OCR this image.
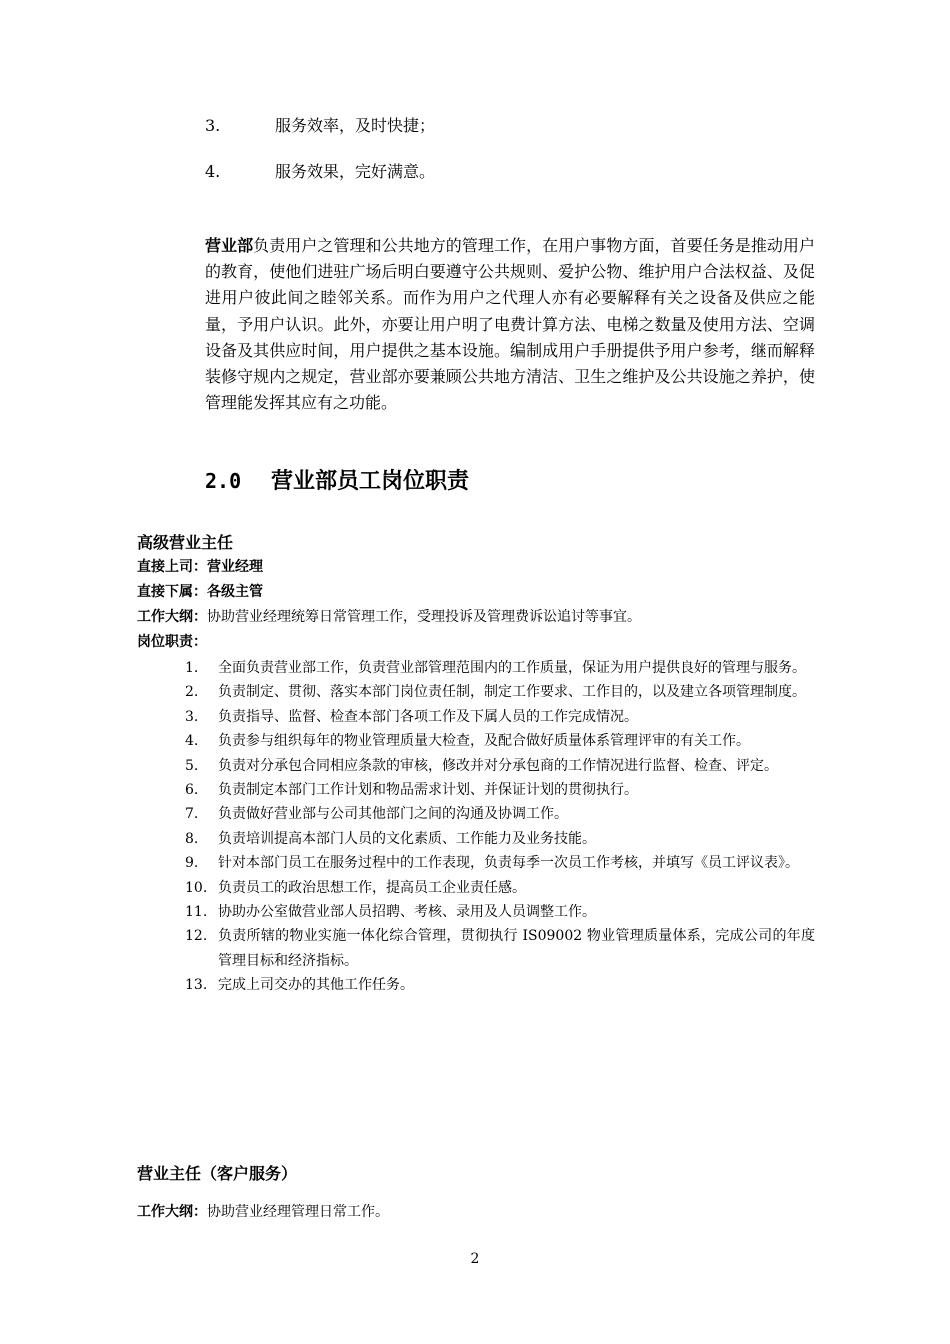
3.	服务效率，及时快捷；
4.	服务效果，完好满意。
营业部负责用户之管理和公共地方的管理工作，在用户事物方面，首要任务是推动用户的教育，使他们进驻广场后明白要遵守公共规则、爱护公物、维护用户合法权益、及促进用户彼此间之睦邻关系。而作为用户之代理人亦有必要解释有关之设备及供应之能量，予用户认识。此外，亦要让用户明了电费计算方法、电梯之数量及使用方法、空调设备及其供应时间，用户提供之基本设施。编制成用户手册提供予用户参考，继而解释装修守规内之规定，营业部亦要兼顾公共地方清洁、卫生之维护及公共设施之养护，使管理能发挥其应有之功能。
2.0 营业部员工岗位职责
高级营业主任
直接上司：营业经理
直接下属：各级主管
工作大纲：协助营业经理统筹日常管理工作，受理投诉及管理费诉讼追讨等事宜。
岗位职责：
1. 全面负责营业部工作，负责营业部管理范围内的工作质量，保证为用户提供良好的管理与服务。
2. 负责制定、贯彻、落实本部门岗位责任制，制定工作要求、工作目的，以及建立各项管理制度。
3. 负责指导、监督、检查本部门各项工作及下属人员的工作完成情况。
4. 负责参与组织每年的物业管理质量大检查，及配合做好质量体系管理评审的有关工作。
5. 负责对分承包合同相应条款的审核，修改并对分承包商的工作情况进行监督、检查、评定。
6. 负责制定本部门工作计划和物品需求计划、并保证计划的贯彻执行。
7. 负责做好营业部与公司其他部门之间的沟通及协调工作。
8. 负责培训提高本部门人员的文化素质、工作能力及业务技能。
9. 针对本部门员工在服务过程中的工作表现，负责每季一次员工作考核，并填写《员工评议表》。
10. 负责员工的政治思想工作，提高员工企业责任感。
11. 协助办公室做营业部人员招聘、考核、录用及人员调整工作。
12. 负责所辖的物业实施一体化综合管理，贯彻执行 IS09002 物业管理质量体系，完成公司的年度管理目标和经济指标。
13. 完成上司交办的其他工作任务。
营业主任（客户服务）
工作大纲：协助营业经理管理日常工作。
2
